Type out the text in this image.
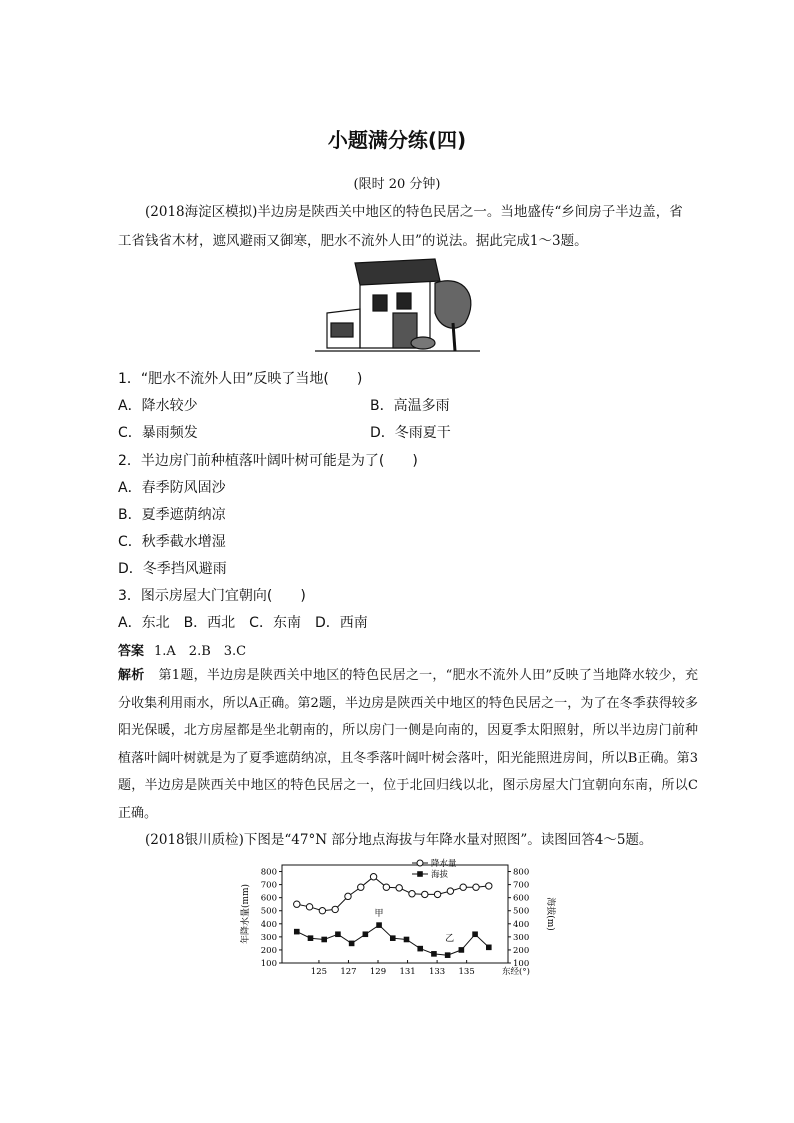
小题满分练(四)
(限时 20 分钟)
(2018海淀区模拟)半边房是陕西关中地区的特色民居之一。当地盛传“乡间房子半边盖，省工省钱省木材，遮风避雨又御寒，肥水不流外人田”的说法。据此完成1～3题。
1．“肥水不流外人田”反映了当地(　　)
A．降水较少	B．高温多雨
C．暴雨频发	D．冬雨夏干
2．半边房门前种植落叶阔叶树可能是为了(　　)
A．春季防风固沙
B．夏季遮荫纳凉
C．秋季截水增湿
D．冬季挡风避雨
3．图示房屋大门宜朝向(　　)
A．东北　B．西北　C．东南　D．西南
答案 1.A　2.B　3.C
解析 第1题，半边房是陕西关中地区的特色民居之一，“肥水不流外人田”反映了当地降水较少，充分收集利用雨水，所以A正确。第2题，半边房是陕西关中地区的特色民居之一，为了在冬季获得较多阳光保暖，北方房屋都是坐北朝南的，所以房门一侧是向南的，因夏季太阳照射，所以半边房门前种植落叶阔叶树就是为了夏季遮荫纳凉，且冬季落叶阔叶树会落叶，阳光能照进房间，所以B正确。第3题，半边房是陕西关中地区的特色民居之一，位于北回归线以北，图示房屋大门宜朝向东南，所以C正确。
(2018银川质检)下图是“47°N 部分地点海拔与年降水量对照图”。读图回答4～5题。
100	100
200	200
300	300
400	400
500	500
600	600
700	700
800	800
125 127 129 131 133 135	东经(°)
年降水量(mm)	海拔(m)
甲
乙
降水量
海拔
